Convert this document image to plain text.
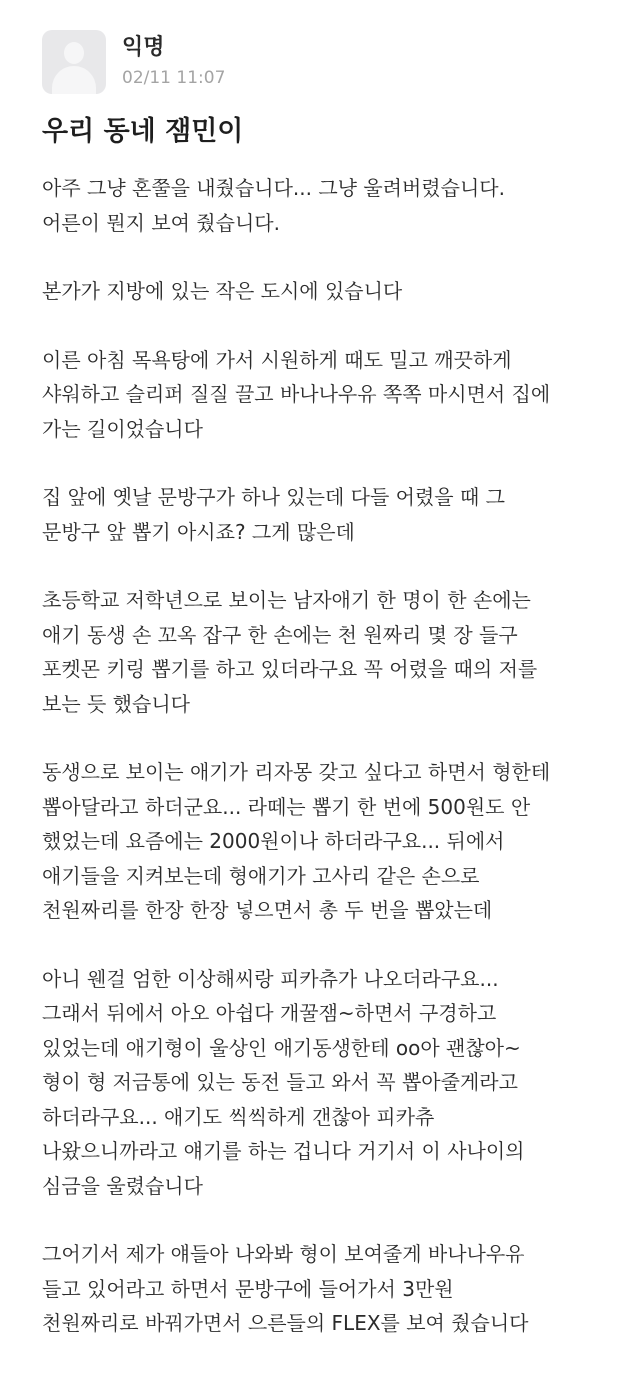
익명
02/11 11:07
우리 동네 잼민이

아주 그냥 혼쭐을 내줬습니다... 그냥 울려버렸습니다.
어른이 뭔지 보여 줬습니다.

본가가 지방에 있는 작은 도시에 있습니다

이른 아침 목욕탕에 가서 시원하게 때도 밀고 깨끗하게
샤워하고 슬리퍼 질질 끌고 바나나우유 쪽쪽 마시면서 집에
가는 길이었습니다

집 앞에 옛날 문방구가 하나 있는데 다들 어렸을 때 그
문방구 앞 뽑기 아시죠? 그게 많은데

초등학교 저학년으로 보이는 남자애기 한 명이 한 손에는
애기 동생 손 꼬옥 잡구 한 손에는 천 원짜리 몇 장 들구
포켓몬 키링 뽑기를 하고 있더라구요 꼭 어렸을 때의 저를
보는 듯 했습니다

동생으로 보이는 애기가 리자몽 갖고 싶다고 하면서 형한테
뽑아달라고 하더군요... 라떼는 뽑기 한 번에 500원도 안
했었는데 요즘에는 2000원이나 하더라구요... 뒤에서
애기들을 지켜보는데 형애기가 고사리 같은 손으로
천원짜리를 한장 한장 넣으면서 총 두 번을 뽑았는데

아니 웬걸 엄한 이상해씨랑 피카츄가 나오더라구요...
그래서 뒤에서 아오 아쉽다 개꿀잼~하면서 구경하고
있었는데 애기형이 울상인 애기동생한테 oo아 괜찮아~
형이 형 저금통에 있는 동전 들고 와서 꼭 뽑아줄게라고
하더라구요... 애기도 씩씩하게 갠찮아 피카츄
나왔으니까라고 얘기를 하는 겁니다 거기서 이 사나이의
심금을 울렸습니다

그어기서 제가 얘들아 나와봐 형이 보여줄게 바나나우유
들고 있어라고 하면서 문방구에 들어가서 3만원
천원짜리로 바꿔가면서 으른들의 FLEX를 보여 줬습니다
